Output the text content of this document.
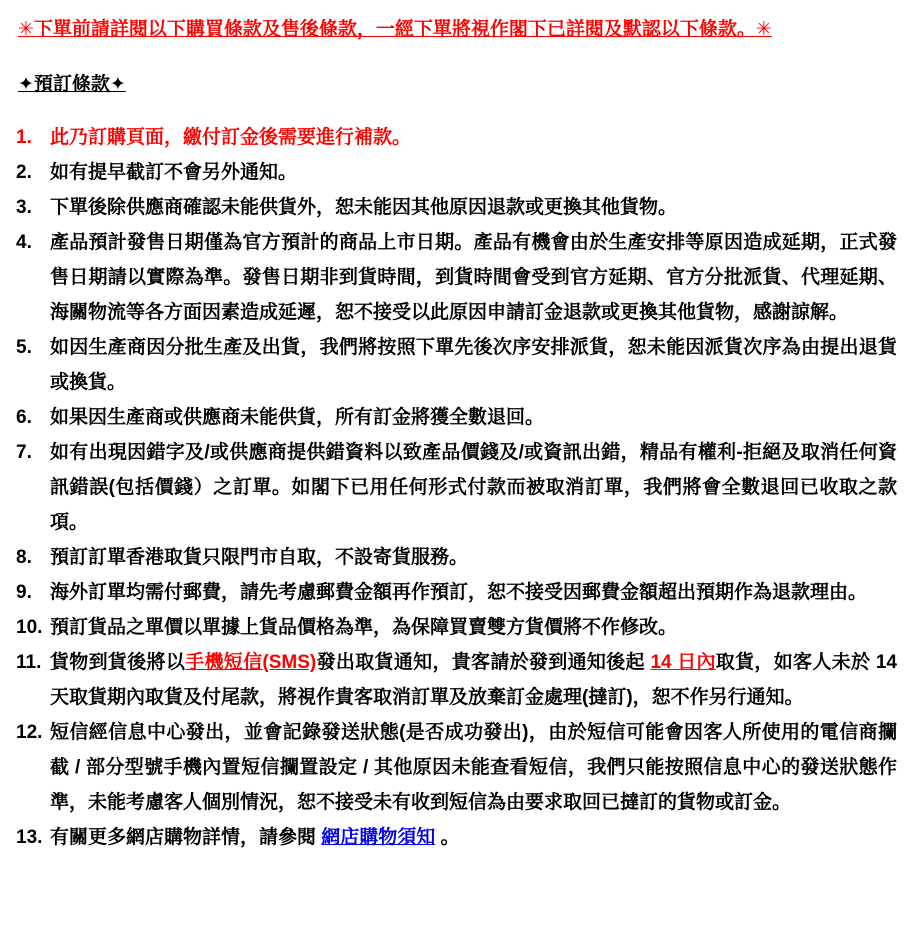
✳下單前請詳閱以下購買條款及售後條款，一經下單將視作閣下已詳閱及默認以下條款。✳
✦預訂條款✦
1. 此乃訂購頁面，繳付訂金後需要進行補款。
2. 如有提早截訂不會另外通知。
3. 下單後除供應商確認未能供貨外，恕未能因其他原因退款或更換其他貨物。
4. 產品預計發售日期僅為官方預計的商品上市日期。產品有機會由於生產安排等原因造成延期，正式發售日期請以實際為準。發售日期非到貨時間，到貨時間會受到官方延期、官方分批派貨、代理延期、海關物流等各方面因素造成延遲，恕不接受以此原因申請訂金退款或更換其他貨物，感謝諒解。
5. 如因生產商因分批生產及出貨，我們將按照下單先後次序安排派貨，恕未能因派貨次序為由提出退貨或換貨。
6. 如果因生產商或供應商未能供貨，所有訂金將獲全數退回。
7. 如有出現因錯字及/或供應商提供錯資料以致產品價錢及/或資訊出錯，精品有權利-拒絕及取消任何資訊錯誤(包括價錢）之訂單。如閣下已用任何形式付款而被取消訂單，我們將會全數退回已收取之款項。
8. 預訂訂單香港取貨只限門市自取，不設寄貨服務。
9. 海外訂單均需付郵費，請先考慮郵費金額再作預訂，恕不接受因郵費金額超出預期作為退款理由。
10. 預訂貨品之單價以單據上貨品價格為準，為保障買賣雙方貨價將不作修改。
11. 貨物到貨後將以手機短信(SMS)發出取貨通知，貴客請於發到通知後起 14 日內取貨，如客人未於 14 天取貨期內取貨及付尾款，將視作貴客取消訂單及放棄訂金處理(撻訂)，恕不作另行通知。
12. 短信經信息中心發出，並會記錄發送狀態(是否成功發出)，由於短信可能會因客人所使用的電信商攔截 / 部分型號手機內置短信攔置設定 / 其他原因未能查看短信，我們只能按照信息中心的發送狀態作準，未能考慮客人個別情況，恕不接受未有收到短信為由要求取回已撻訂的貨物或訂金。
13. 有關更多網店購物詳情，請參閱 網店購物須知 。
